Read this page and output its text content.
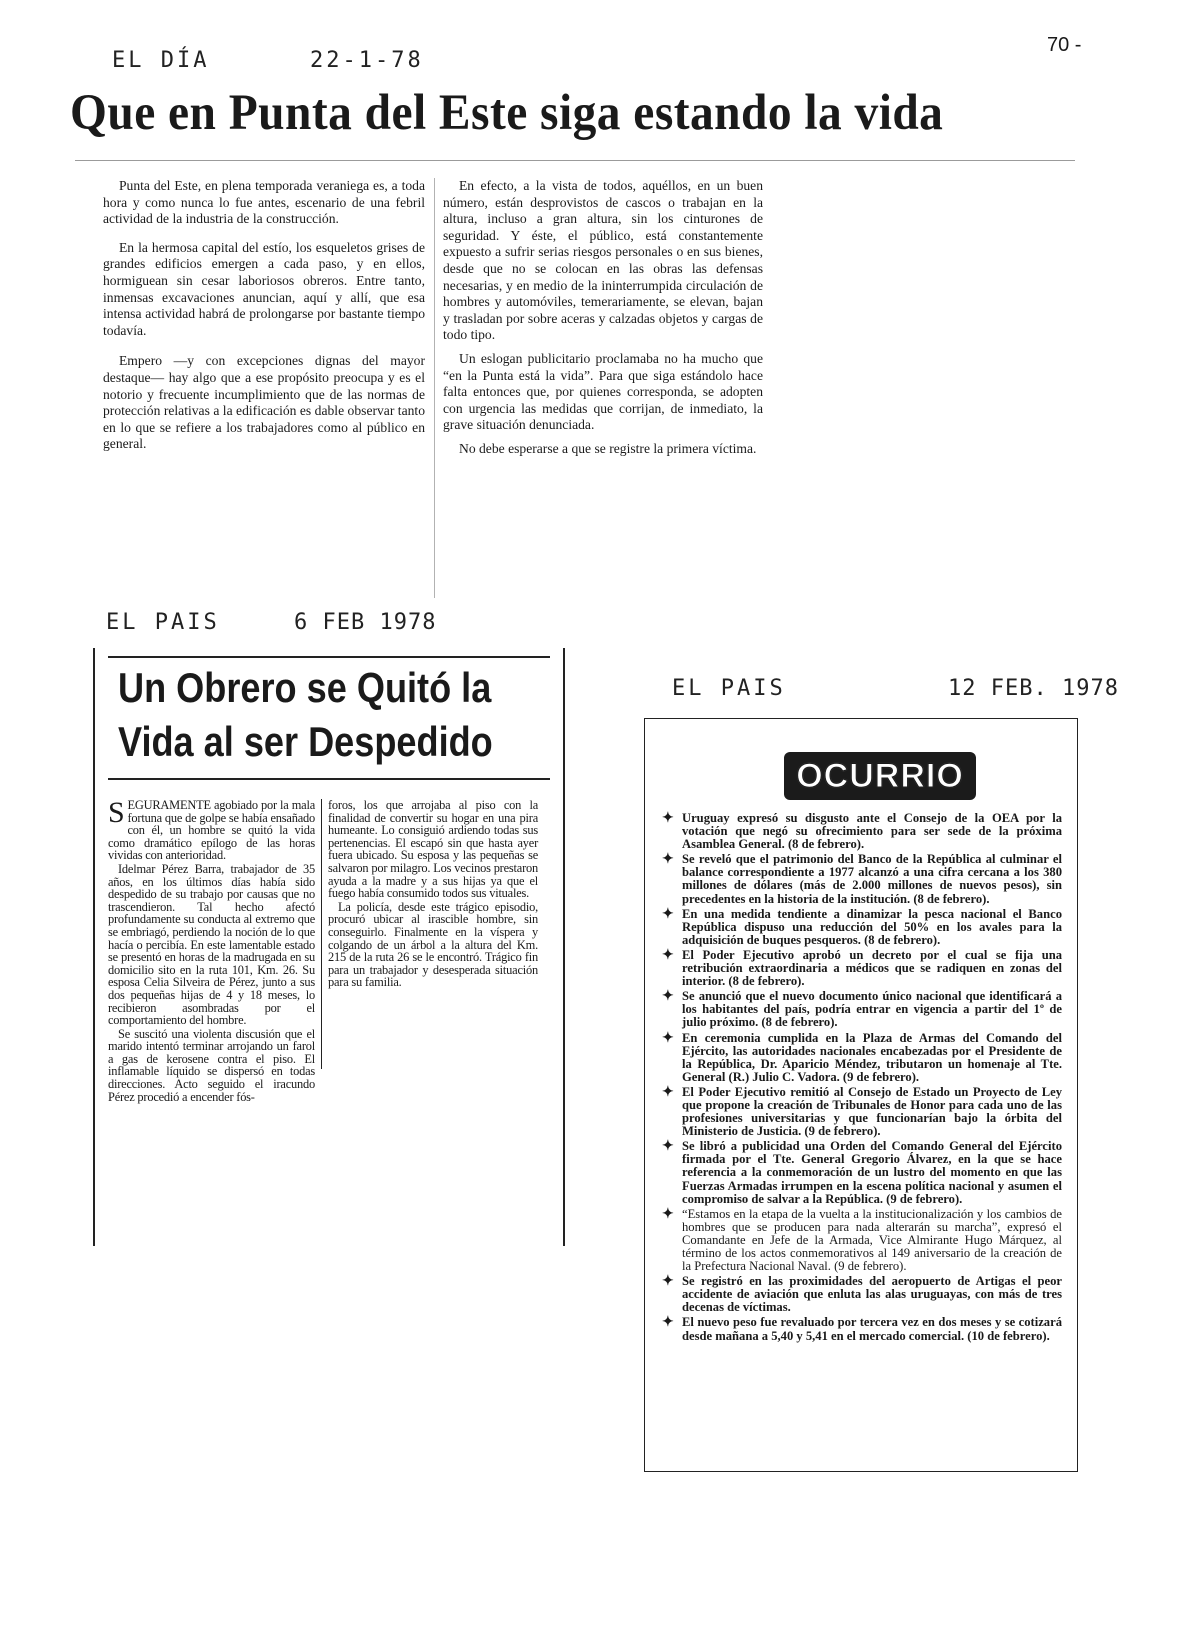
70 -
EL DÍA	22-1-78
Que en Punta del Este siga estando la vida

Punta del Este, en plena temporada veraniega es, a toda hora y como nunca lo fue antes, escenario de una febril actividad de la industria de la construcción.

En la hermosa capital del estío, los esqueletos grises de grandes edificios emergen a cada paso, y en ellos, hormiguean sin cesar laboriosos obreros. Entre tanto, inmensas excavaciones anuncian, aquí y allí, que esa intensa actividad habrá de prolongarse por bastante tiempo todavía.

Empero —y con excepciones dignas del mayor destaque— hay algo que a ese propósito preocupa y es el notorio y frecuente incumplimiento que de las normas de protección relativas a la edificación es dable observar tanto en lo que se refiere a los trabajadores como al público en general.

En efecto, a la vista de todos, aquéllos, en un buen número, están desprovistos de cascos o trabajan en la altura, incluso a gran altura, sin los cinturones de seguridad. Y éste, el público, está constantemente expuesto a sufrir serias riesgos personales o en sus bienes, desde que no se colocan en las obras las defensas necesarias, y en medio de la ininterrumpida circulación de hombres y automóviles, temerariamente, se elevan, bajan y trasladan por sobre aceras y calzadas objetos y cargas de todo tipo.

Un eslogan publicitario proclamaba no ha mucho que “en la Punta está la vida”. Para que siga estándolo hace falta entonces que, por quienes corresponda, se adopten con urgencia las medidas que corrijan, de inmediato, la grave situación denunciada.

No debe esperarse a que se registre la primera víctima.

EL PAIS	6 FEB 1978
Un Obrero se Quitó la
Vida al ser Despedido
SEGURAMENTE agobiado por la mala fortuna que de golpe se había ensañado con él, un hombre se quitó la vida como dramático epílogo de las horas vividas con anterioridad.

Idelmar Pérez Barra, trabajador de 35 años, en los últimos días había sido despedido de su trabajo por causas que no trascendieron. Tal hecho afectó profundamente su conducta al extremo que se embriagó, perdiendo la noción de lo que hacía o percibía. En este lamentable estado se presentó en horas de la madrugada en su domicilio sito en la ruta 101, Km. 26. Su esposa Celia Silveira de Pérez, junto a sus dos pequeñas hijas de 4 y 18 meses, lo recibieron asombradas por el comportamiento del hombre.

Se suscitó una violenta discusión que el marido intentó terminar arrojando un farol a gas de kerosene contra el piso. El inflamable líquido se dispersó en todas direcciones. Acto seguido el iracundo Pérez procedió a encender fós-

foros, los que arrojaba al piso con la finalidad de convertir su hogar en una pira humeante. Lo consiguió ardiendo todas sus pertenencias. El escapó sin que hasta ayer fuera ubicado. Su esposa y las pequeñas se salvaron por milagro. Los vecinos prestaron ayuda a la madre y a sus hijas ya que el fuego había consumido todos sus vituales.

La policía, desde este trágico episodio, procuró ubicar al irascible hombre, sin conseguirlo. Finalmente en la víspera y colgando de un árbol a la altura del Km. 215 de la ruta 26 se le encontró. Trágico fin para un trabajador y desesperada situación para su familia.

EL PAIS	12 FEB. 1978
OCURRIO
✦ Uruguay expresó su disgusto ante el Consejo de la OEA por la votación que negó su ofrecimiento para ser sede de la próxima Asamblea General. (8 de febrero).
✦ Se reveló que el patrimonio del Banco de la República al culminar el balance correspondiente a 1977 alcanzó a una cifra cercana a los 380 millones de dólares (más de 2.000 millones de nuevos pesos), sin precedentes en la historia de la institución. (8 de febrero).
✦ En una medida tendiente a dinamizar la pesca nacional el Banco República dispuso una reducción del 50% en los avales para la adquisición de buques pesqueros. (8 de febrero).
✦ El Poder Ejecutivo aprobó un decreto por el cual se fija una retribución extraordinaria a médicos que se radiquen en zonas del interior. (8 de febrero).
✦ Se anunció que el nuevo documento único nacional que identificará a los habitantes del país, podría entrar en vigencia a partir del 1º de julio próximo. (8 de febrero).
✦ En ceremonia cumplida en la Plaza de Armas del Comando del Ejército, las autoridades nacionales encabezadas por el Presidente de la República, Dr. Aparicio Méndez, tributaron un homenaje al Tte. General (R.) Julio C. Vadora. (9 de febrero).
✦ El Poder Ejecutivo remitió al Consejo de Estado un Proyecto de Ley que propone la creación de Tribunales de Honor para cada uno de las profesiones universitarias y que funcionarían bajo la órbita del Ministerio de Justicia. (9 de febrero).
✦ Se libró a publicidad una Orden del Comando General del Ejército firmada por el Tte. General Gregorio Álvarez, en la que se hace referencia a la conmemoración de un lustro del momento en que las Fuerzas Armadas irrumpen en la escena política nacional y asumen el compromiso de salvar a la República. (9 de febrero).
✦ “Estamos en la etapa de la vuelta a la institucionalización y los cambios de hombres que se producen para nada alterarán su marcha”, expresó el Comandante en Jefe de la Armada, Vice Almirante Hugo Márquez, al término de los actos conmemorativos al 149 aniversario de la creación de la Prefectura Nacional Naval. (9 de febrero).
✦ Se registró en las proximidades del aeropuerto de Artigas el peor accidente de aviación que enluta las alas uruguayas, con más de tres decenas de víctimas.
✦ El nuevo peso fue revaluado por tercera vez en dos meses y se cotizará desde mañana a 5,40 y 5,41 en el mercado comercial. (10 de febrero).
